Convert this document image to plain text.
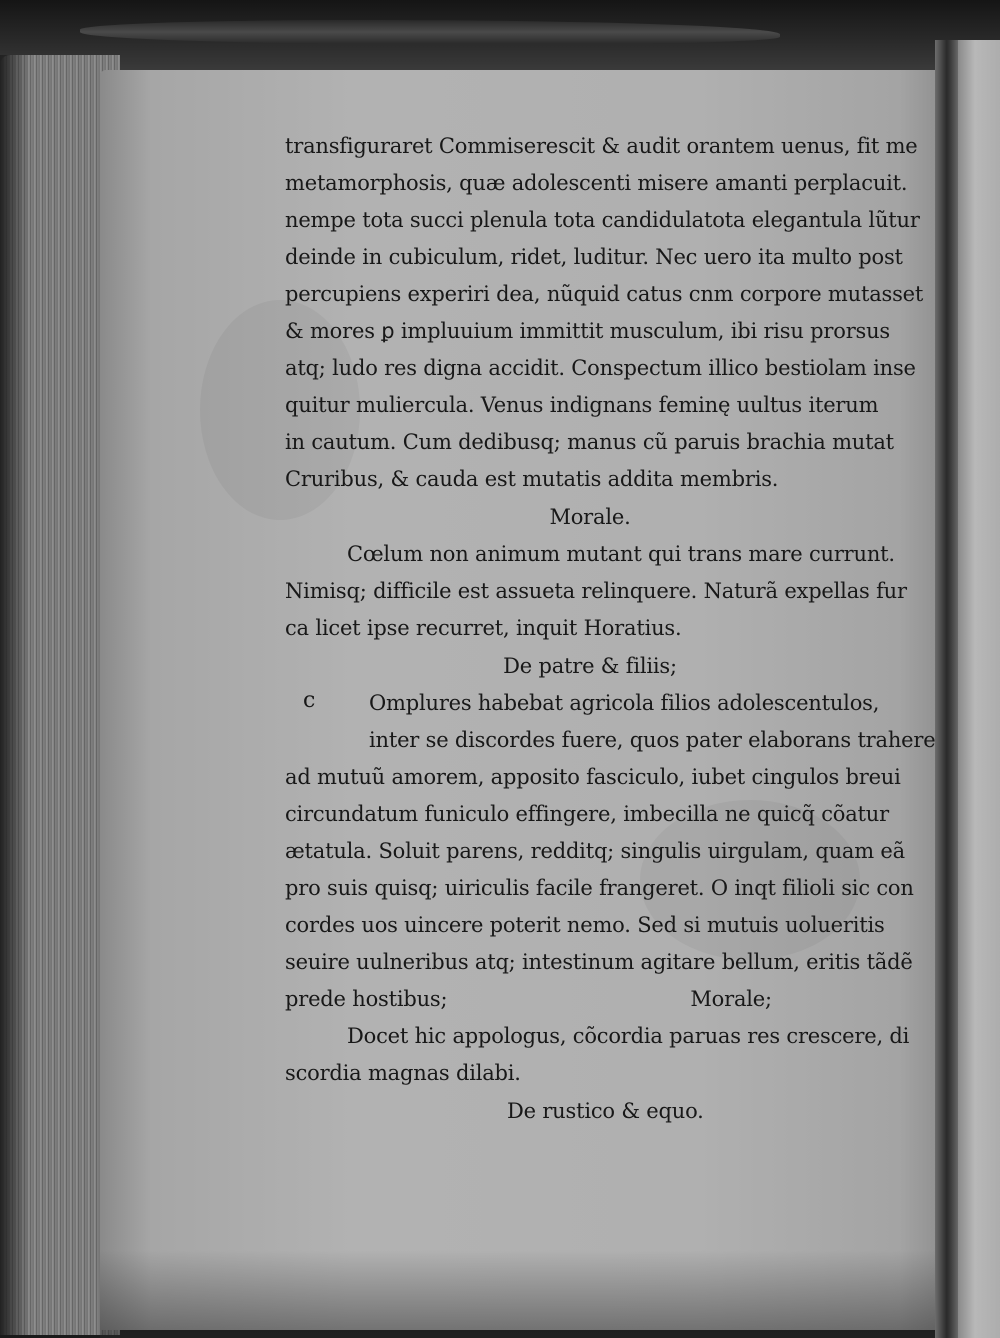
c
transfiguraret Commiserescit & audit orantem uenus, fit me
metamorphosis, quæ adolescenti misere amanti perplacuit.
nempe tota succi plenula tota candidulatota elegantula lũtur
deinde in cubiculum, ridet, luditur. Nec uero ita multo post
percupiens experiri dea, nũquid catus cnm corpore mutasset
& mores ꝑ impluuium immittit musculum, ibi risu prorsus
atq; ludo res digna accidit. Conspectum illico bestiolam inse
quitur muliercula. Venus indignans feminę uultus iterum
in cautum. Cum dedibusq; manus cũ paruis brachia mutat
Cruribus, & cauda est mutatis addita membris.
Morale.
Cœlum non animum mutant qui trans mare currunt.
Nimisq; difficile est assueta relinquere. Naturã expellas fur
ca licet ipse recurret, inquit Horatius.
De patre & filiis;
Omplures habebat agricola filios adolescentulos,
inter se discordes fuere, quos pater elaborans trahere
ad mutuũ amorem, apposito fasciculo, iubet cingulos breui
circundatum funiculo effingere, imbecilla ne quicq̃ cõatur
ætatula. Soluit parens, redditq; singulis uirgulam, quam eã
pro suis quisq; uiriculis facile frangeret. O inqt filioli sic con
cordes uos uincere poterit nemo. Sed si mutuis uolueritis
seuire uulneribus atq; intestinum agitare bellum, eritis tãdẽ
prede hostibus;	Morale;
Docet hic appologus, cõcordia paruas res crescere, di
scordia magnas dilabi.
De rustico & equo.
